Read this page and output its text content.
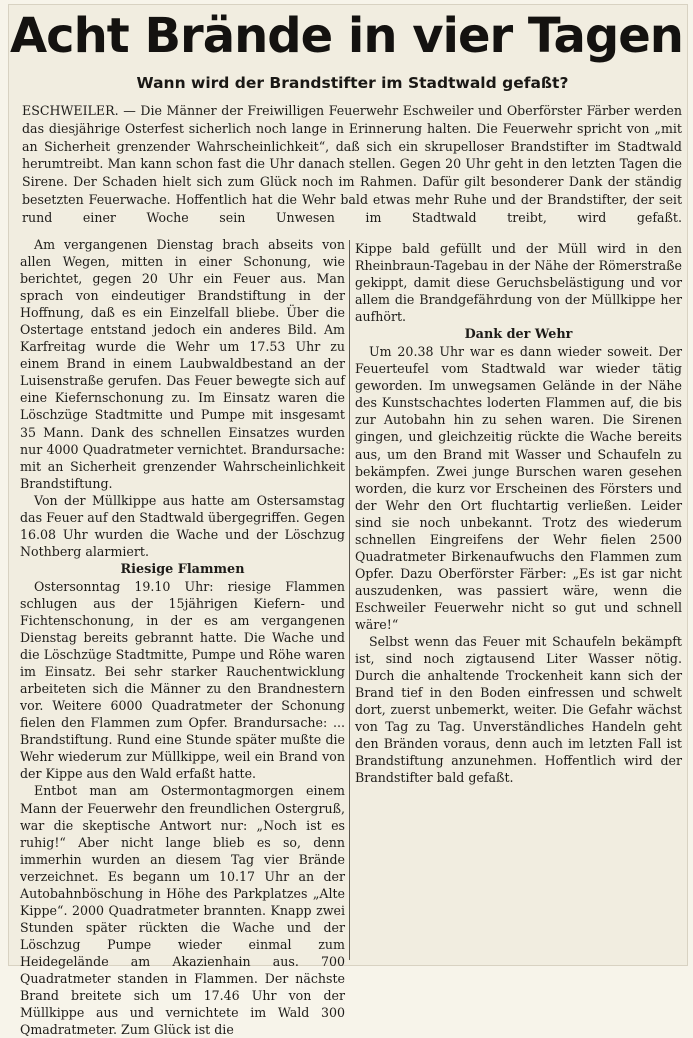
Acht Brände in vier Tagen
Wann wird der Brandstifter im Stadtwald gefaßt?

ESCHWEILER. — Die Männer der Freiwilligen Feuerwehr Eschweiler und Oberförster Färber werden das diesjährige Osterfest sicherlich noch lange in Erinnerung halten. Die Feuerwehr spricht von „mit an Sicherheit grenzender Wahrscheinlichkeit“, daß sich ein skrupelloser Brandstifter im Stadtwald herumtreibt. Man kann schon fast die Uhr danach stellen. Gegen 20 Uhr geht in den letzten Tagen die Sirene. Der Schaden hielt sich zum Glück noch im Rahmen. Dafür gilt besonderer Dank der ständig besetzten Feuerwache. Hoffentlich hat die Wehr bald etwas mehr Ruhe und der Brandstifter, der seit rund einer Woche sein Unwesen im Stadtwald treibt, wird gefaßt.

Am vergangenen Dienstag brach abseits von allen Wegen, mitten in einer Schonung, wie berichtet, gegen 20 Uhr ein Feuer aus. Man sprach von eindeutiger Brandstiftung in der Hoffnung, daß es ein Einzelfall bliebe. Über die Ostertage entstand jedoch ein anderes Bild. Am Karfreitag wurde die Wehr um 17.53 Uhr zu einem Brand in einem Laubwaldbestand an der Luisenstraße gerufen. Das Feuer bewegte sich auf eine Kiefernschonung zu. Im Einsatz waren die Löschzüge Stadtmitte und Pumpe mit insgesamt 35 Mann. Dank des schnellen Einsatzes wurden nur 4000 Quadratmeter vernichtet. Brandursache: mit an Sicherheit grenzender Wahrscheinlichkeit Brandstiftung.

Von der Müllkippe aus hatte am Ostersamstag das Feuer auf den Stadtwald übergegriffen. Gegen 16.08 Uhr wurden die Wache und der Löschzug Nothberg alarmiert.

Riesige Flammen

Ostersonntag 19.10 Uhr: riesige Flammen schlugen aus der 15jährigen Kiefern- und Fichtenschonung, in der es am vergangenen Dienstag bereits gebrannt hatte. Die Wache und die Löschzüge Stadtmitte, Pumpe und Röhe waren im Einsatz. Bei sehr starker Rauchentwicklung arbeiteten sich die Männer zu den Brandnestern vor. Weitere 6000 Quadratmeter der Schonung fielen den Flammen zum Opfer. Brandursache: ... Brandstiftung. Rund eine Stunde später mußte die Wehr wiederum zur Müllkippe, weil ein Brand von der Kippe aus den Wald erfaßt hatte.

Entbot man am Ostermontagmorgen einem Mann der Feuerwehr den freundlichen Ostergruß, war die skeptische Antwort nur: „Noch ist es ruhig!“ Aber nicht lange blieb es so, denn immerhin wurden an diesem Tag vier Brände verzeichnet. Es begann um 10.17 Uhr an der Autobahnböschung in Höhe des Parkplatzes „Alte Kippe“. 2000 Quadratmeter brannten. Knapp zwei Stunden später rückten die Wache und der Löschzug Pumpe wieder einmal zum Heidegelände am Akazienhain aus. 700 Quadratmeter standen in Flammen. Der nächste Brand breitete sich um 17.46 Uhr von der Müllkippe aus und vernichtete im Wald 300 Qmadratmeter. Zum Glück ist die

Kippe bald gefüllt und der Müll wird in den Rheinbraun-Tagebau in der Nähe der Römerstraße gekippt, damit diese Geruchsbelästigung und vor allem die Brandgefährdung von der Müllkippe her aufhört.

Dank der Wehr

Um 20.38 Uhr war es dann wieder soweit. Der Feuerteufel vom Stadtwald war wieder tätig geworden. Im unwegsamen Gelände in der Nähe des Kunstschachtes loderten Flammen auf, die bis zur Autobahn hin zu sehen waren. Die Sirenen gingen, und gleichzeitig rückte die Wache bereits aus, um den Brand mit Wasser und Schaufeln zu bekämpfen. Zwei junge Burschen waren gesehen worden, die kurz vor Erscheinen des Försters und der Wehr den Ort fluchtartig verließen. Leider sind sie noch unbekannt. Trotz des wiederum schnellen Eingreifens der Wehr fielen 2500 Quadratmeter Birkenaufwuchs den Flammen zum Opfer. Dazu Oberförster Färber: „Es ist gar nicht auszudenken, was passiert wäre, wenn die Eschweiler Feuerwehr nicht so gut und schnell wäre!“

Selbst wenn das Feuer mit Schaufeln bekämpft ist, sind noch zigtausend Liter Wasser nötig. Durch die anhaltende Trockenheit kann sich der Brand tief in den Boden einfressen und schwelt dort, zuerst unbemerkt, weiter. Die Gefahr wächst von Tag zu Tag. Unverständliches Handeln geht den Bränden voraus, denn auch im letzten Fall ist Brandstiftung anzunehmen. Hoffentlich wird der Brandstifter bald gefaßt.
